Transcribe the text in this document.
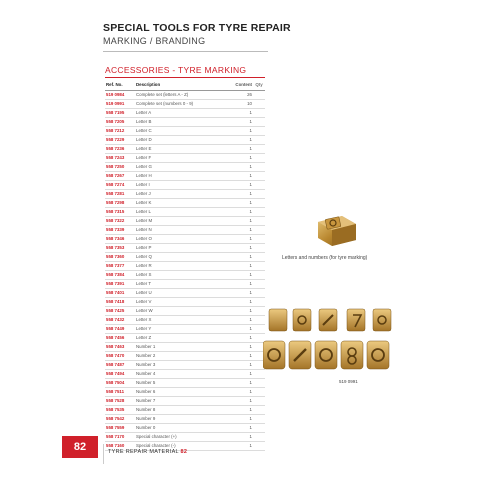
SPECIAL TOOLS FOR TYRE REPAIR
MARKING / BRANDING
ACCESSORIES - TYRE MARKING
Ref. No.	Description	Content	Qty
519 0984	Complete set (letters A - Z)	26	
519 0991	Complete set (numbers 0 - 9)	10	
558 7195	Letter A	1	
558 7205	Letter B	1	
558 7212	Letter C	1	
558 7229	Letter D	1	
558 7236	Letter E	1	
558 7243	Letter F	1	
558 7250	Letter G	1	
558 7267	Letter H	1	
558 7274	Letter I	1	
558 7281	Letter J	1	
558 7298	Letter K	1	
558 7315	Letter L	1	
558 7322	Letter M	1	
558 7339	Letter N	1	
558 7346	Letter O	1	
558 7353	Letter P	1	
558 7360	Letter Q	1	
558 7377	Letter R	1	
558 7384	Letter S	1	
558 7391	Letter T	1	
558 7401	Letter U	1	
558 7418	Letter V	1	
558 7425	Letter W	1	
558 7432	Letter X	1	
558 7449	Letter Y	1	
558 7456	Letter Z	1	
558 7463	Number 1	1	
558 7470	Number 2	1	
558 7487	Number 3	1	
558 7494	Number 4	1	
558 7504	Number 5	1	
558 7511	Number 6	1	
558 7528	Number 7	1	
558 7535	Number 8	1	
558 7542	Number 9	1	
558 7559	Number 0	1	
558 7170	Special character (+)	1	
558 7160	Special character (-)	1	
Letters and numbers (for tyre marking)
519 0991
82	TYRE REPAIR MATERIAL 82
